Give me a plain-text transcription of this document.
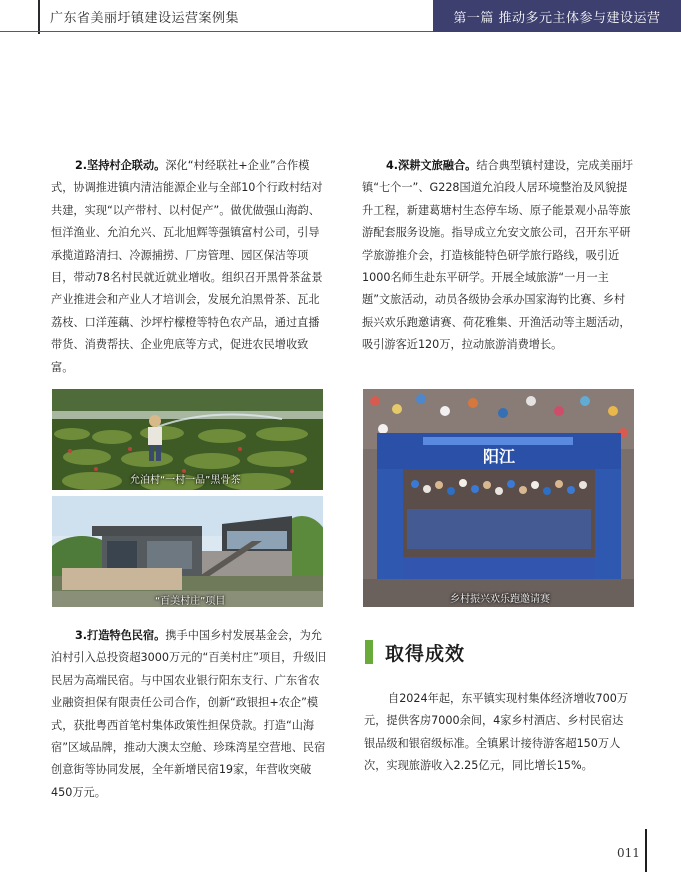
广东省美丽圩镇建设运营案例集	第一篇 推动多元主体参与建设运营
2.坚持村企联动。深化“村经联社+企业”合作模式，协调推进镇内清洁能源企业与全部10个行政村结对共建，实现“以产带村、以村促产”。做优做强山海韵、恒洋渔业、允泊允兴、瓦北旭辉等强镇富村公司，引导承揽道路清扫、冷源捕捞、厂房管理、园区保洁等项目，带动78名村民就近就业增收。组织召开黑骨茶盆景产业推进会和产业人才培训会，发展允泊黑骨茶、瓦北荔枝、口洋莲藕、沙坪柠檬橙等特色农产品，通过直播带货、消费帮扶、企业兜底等方式，促进农民增收致富。
4.深耕文旅融合。结合典型镇村建设，完成美丽圩镇“七个一”、G228国道允泊段人居环境整治及风貌提升工程，新建葛塘村生态停车场、原子能景观小品等旅游配套服务设施。指导成立允安文旅公司，召开东平研学旅游推介会，打造核能特色研学旅行路线，吸引近1000名师生赴东平研学。开展全域旅游“一月一主题”文旅活动，动员各级协会承办国家海钓比赛、乡村振兴欢乐跑邀请赛、荷花雅集、开渔活动等主题活动，吸引游客近120万，拉动旅游消费增长。
允泊村“一村一品”黑骨茶
“百美村庄”项目
阳江
乡村振兴欢乐跑邀请赛
3.打造特色民宿。携手中国乡村发展基金会，为允泊村引入总投资超3000万元的“百美村庄”项目，升级旧民居为高端民宿。与中国农业银行阳东支行、广东省农业融资担保有限责任公司合作，创新“政银担+农企”模式，获批粤西首笔村集体政策性担保贷款。打造“山海宿”区域品牌，推动大澳太空舱、珍珠湾星空营地、民宿创意街等协同发展，全年新增民宿19家，年营收突破450万元。
取得成效
自2024年起，东平镇实现村集体经济增收700万元，提供客房7000余间，4家乡村酒店、乡村民宿达银品级和银宿级标准。全镇累计接待游客超150万人次，实现旅游收入2.25亿元，同比增长15%。
011
